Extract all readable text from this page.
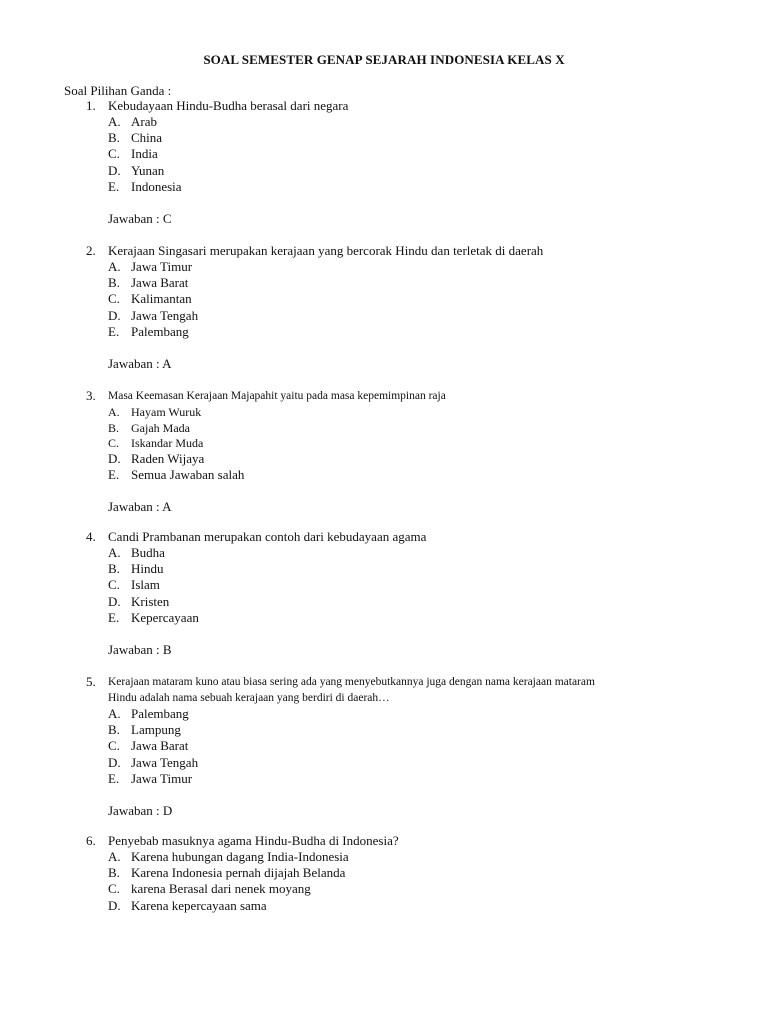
SOAL SEMESTER GENAP SEJARAH INDONESIA KELAS X
Soal Pilihan Ganda :
1. Kebudayaan Hindu-Budha berasal dari negara
A. Arab
B. China
C. India
D. Yunan
E. Indonesia
Jawaban : C
2. Kerajaan Singasari merupakan kerajaan yang bercorak Hindu dan terletak di daerah
A. Jawa Timur
B. Jawa Barat
C. Kalimantan
D. Jawa Tengah
E. Palembang
Jawaban : A
3. Masa Keemasan Kerajaan Majapahit yaitu pada masa kepemimpinan raja
A. Hayam Wuruk
B. Gajah Mada
C. Iskandar Muda
D. Raden Wijaya
E. Semua Jawaban salah
Jawaban : A
4. Candi Prambanan merupakan contoh dari kebudayaan agama
A. Budha
B. Hindu
C. Islam
D. Kristen
E. Kepercayaan
Jawaban : B
5. Kerajaan mataram kuno atau biasa sering ada yang menyebutkannya juga dengan nama kerajaan mataram
Hindu adalah nama sebuah kerajaan yang berdiri di daerah…
A. Palembang
B. Lampung
C. Jawa Barat
D. Jawa Tengah
E. Jawa Timur
Jawaban : D
6. Penyebab masuknya agama Hindu-Budha di Indonesia?
A. Karena hubungan dagang India-Indonesia
B. Karena Indonesia pernah dijajah Belanda
C. karena Berasal dari nenek moyang
D. Karena kepercayaan sama
